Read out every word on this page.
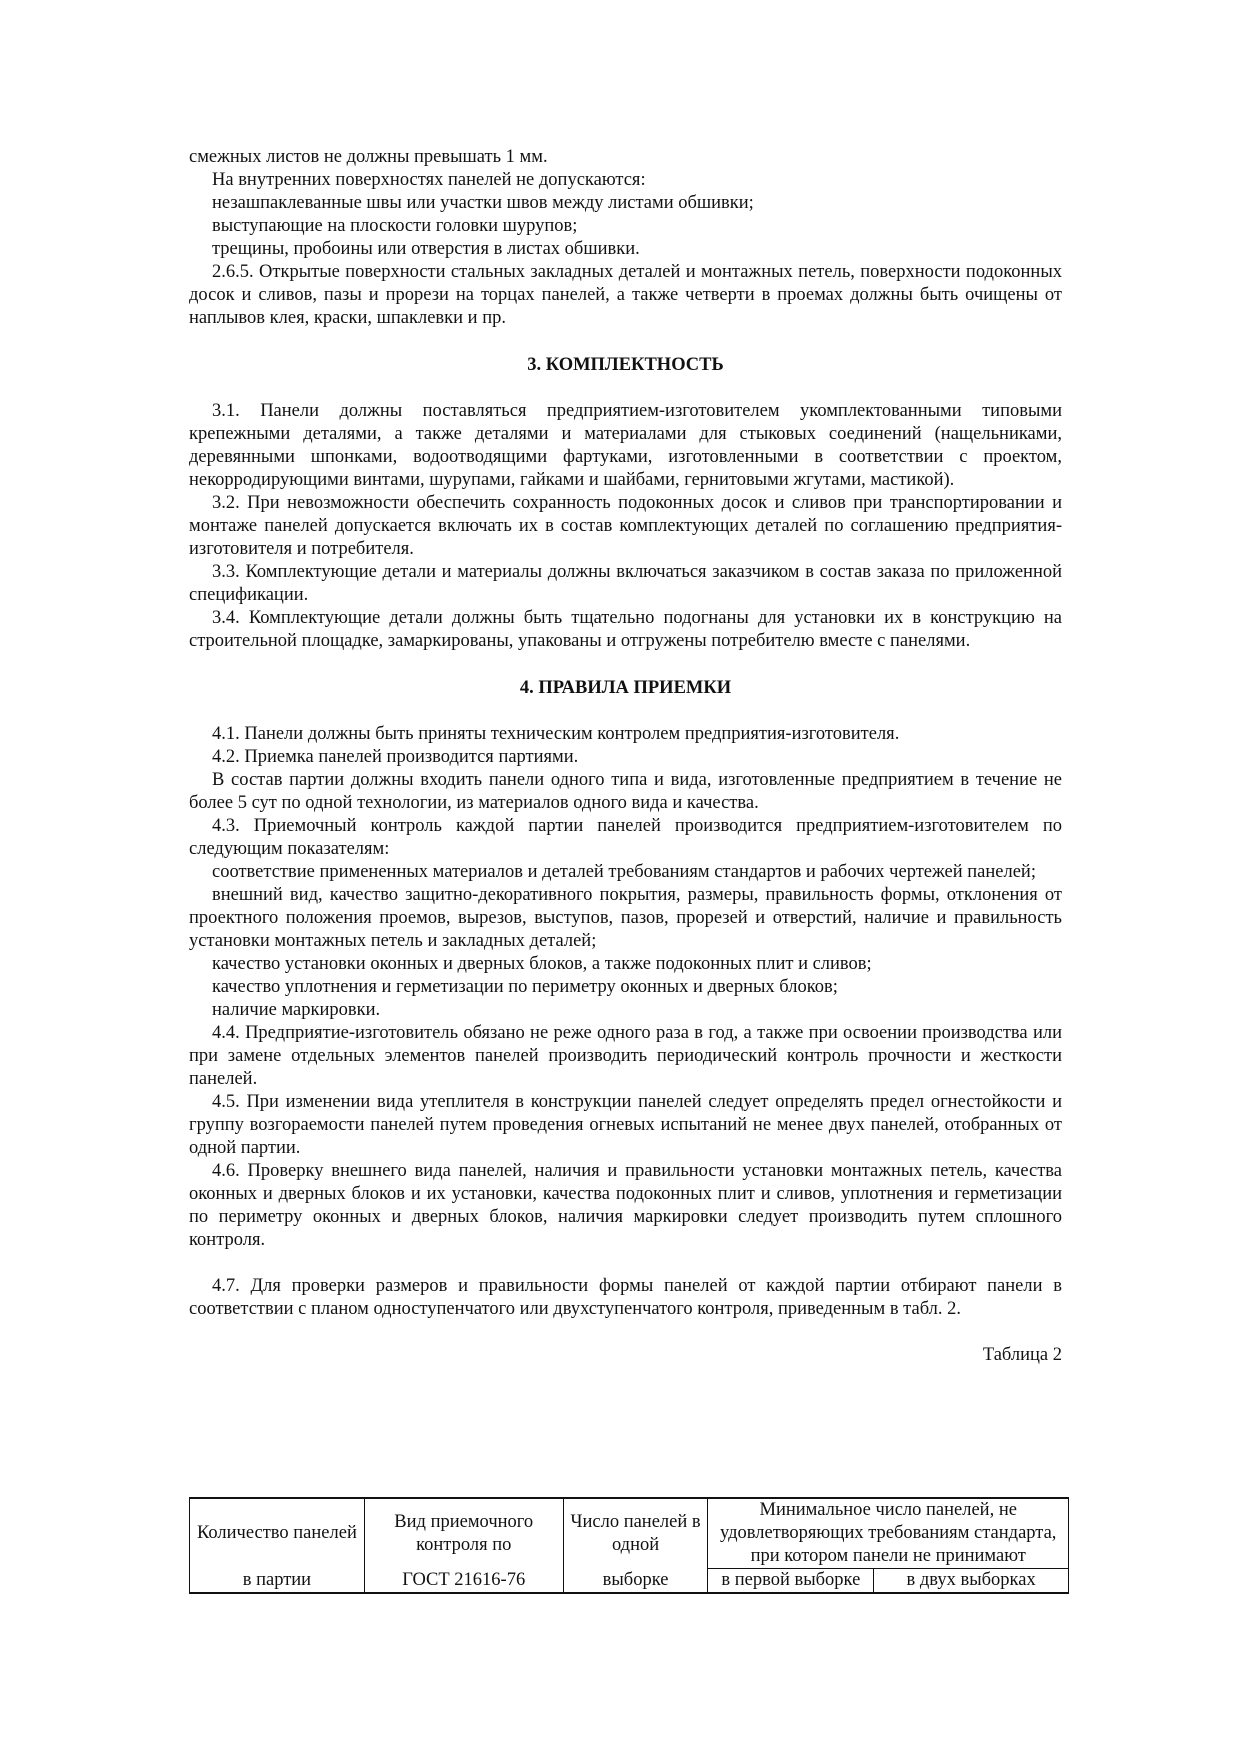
смежных листов не должны превышать 1 мм.

На внутренних поверхностях панелей не допускаются:

незашпаклеванные швы или участки швов между листами обшивки;

выступающие на плоскости головки шурупов;

трещины, пробоины или отверстия в листах обшивки.

2.6.5. Открытые поверхности стальных закладных деталей и монтажных петель, поверхности подоконных досок и сливов, пазы и прорези на торцах панелей, а также четверти в проемах должны быть очищены от наплывов клея, краски, шпаклевки и пр.

3. КОМПЛЕКТНОСТЬ

3.1. Панели должны поставляться предприятием-изготовителем укомплектованными типовыми крепежными деталями, а также деталями и материалами для стыковых соединений (нащельниками, деревянными шпонками, водоотводящими фартуками, изготовленными в соответствии с проектом, некорродирующими винтами, шурупами, гайками и шайбами, гернитовыми жгутами, мастикой).

3.2. При невозможности обеспечить сохранность подоконных досок и сливов при транспортировании и монтаже панелей допускается включать их в состав комплектующих деталей по соглашению предприятия-изготовителя и потребителя.

3.3. Комплектующие детали и материалы должны включаться заказчиком в состав заказа по приложенной спецификации.

3.4. Комплектующие детали должны быть тщательно подогнаны для установки их в конструкцию на строительной площадке, замаркированы, упакованы и отгружены потребителю вместе с панелями.

4. ПРАВИЛА ПРИЕМКИ

4.1. Панели должны быть приняты техническим контролем предприятия-изготовителя.

4.2. Приемка панелей производится партиями.

В состав партии должны входить панели одного типа и вида, изготовленные предприятием в течение не более 5 сут по одной технологии, из материалов одного вида и качества.

4.3. Приемочный контроль каждой партии панелей производится предприятием-изготовителем по следующим показателям:

соответствие примененных материалов и деталей требованиям стандартов и рабочих чертежей панелей;

внешний вид, качество защитно-декоративного покрытия, размеры, правильность формы, отклонения от проектного положения проемов, вырезов, выступов, пазов, прорезей и отверстий, наличие и правильность установки монтажных петель и закладных деталей;

качество установки оконных и дверных блоков, а также подоконных плит и сливов;

качество уплотнения и герметизации по периметру оконных и дверных блоков;

наличие маркировки.

4.4. Предприятие-изготовитель обязано не реже одного раза в год, а также при освоении производства или при замене отдельных элементов панелей производить периодический контроль прочности и жесткости панелей.

4.5. При изменении вида утеплителя в конструкции панелей следует определять предел огнестойкости и группу возгораемости панелей путем проведения огневых испытаний не менее двух панелей, отобранных от одной партии.

4.6. Проверку внешнего вида панелей, наличия и правильности установки монтажных петель, качества оконных и дверных блоков и их установки, качества подоконных плит и сливов, уплотнения и герметизации по периметру оконных и дверных блоков, наличия маркировки следует производить путем сплошного контроля.

4.7. Для проверки размеров и правильности формы панелей от каждой партии отбирают панели в соответствии с планом одноступенчатого или двухступенчатого контроля, приведенным в табл. 2.

Таблица 2

Количество панелей	Вид приемочного контроля по	Число панелей в одной	Минимальное число панелей, не удовлетворяющих требованиям стандарта, при котором панели не принимают	
в партии	ГОСТ 21616-76	выборке	в первой выборке	в двух выборках
